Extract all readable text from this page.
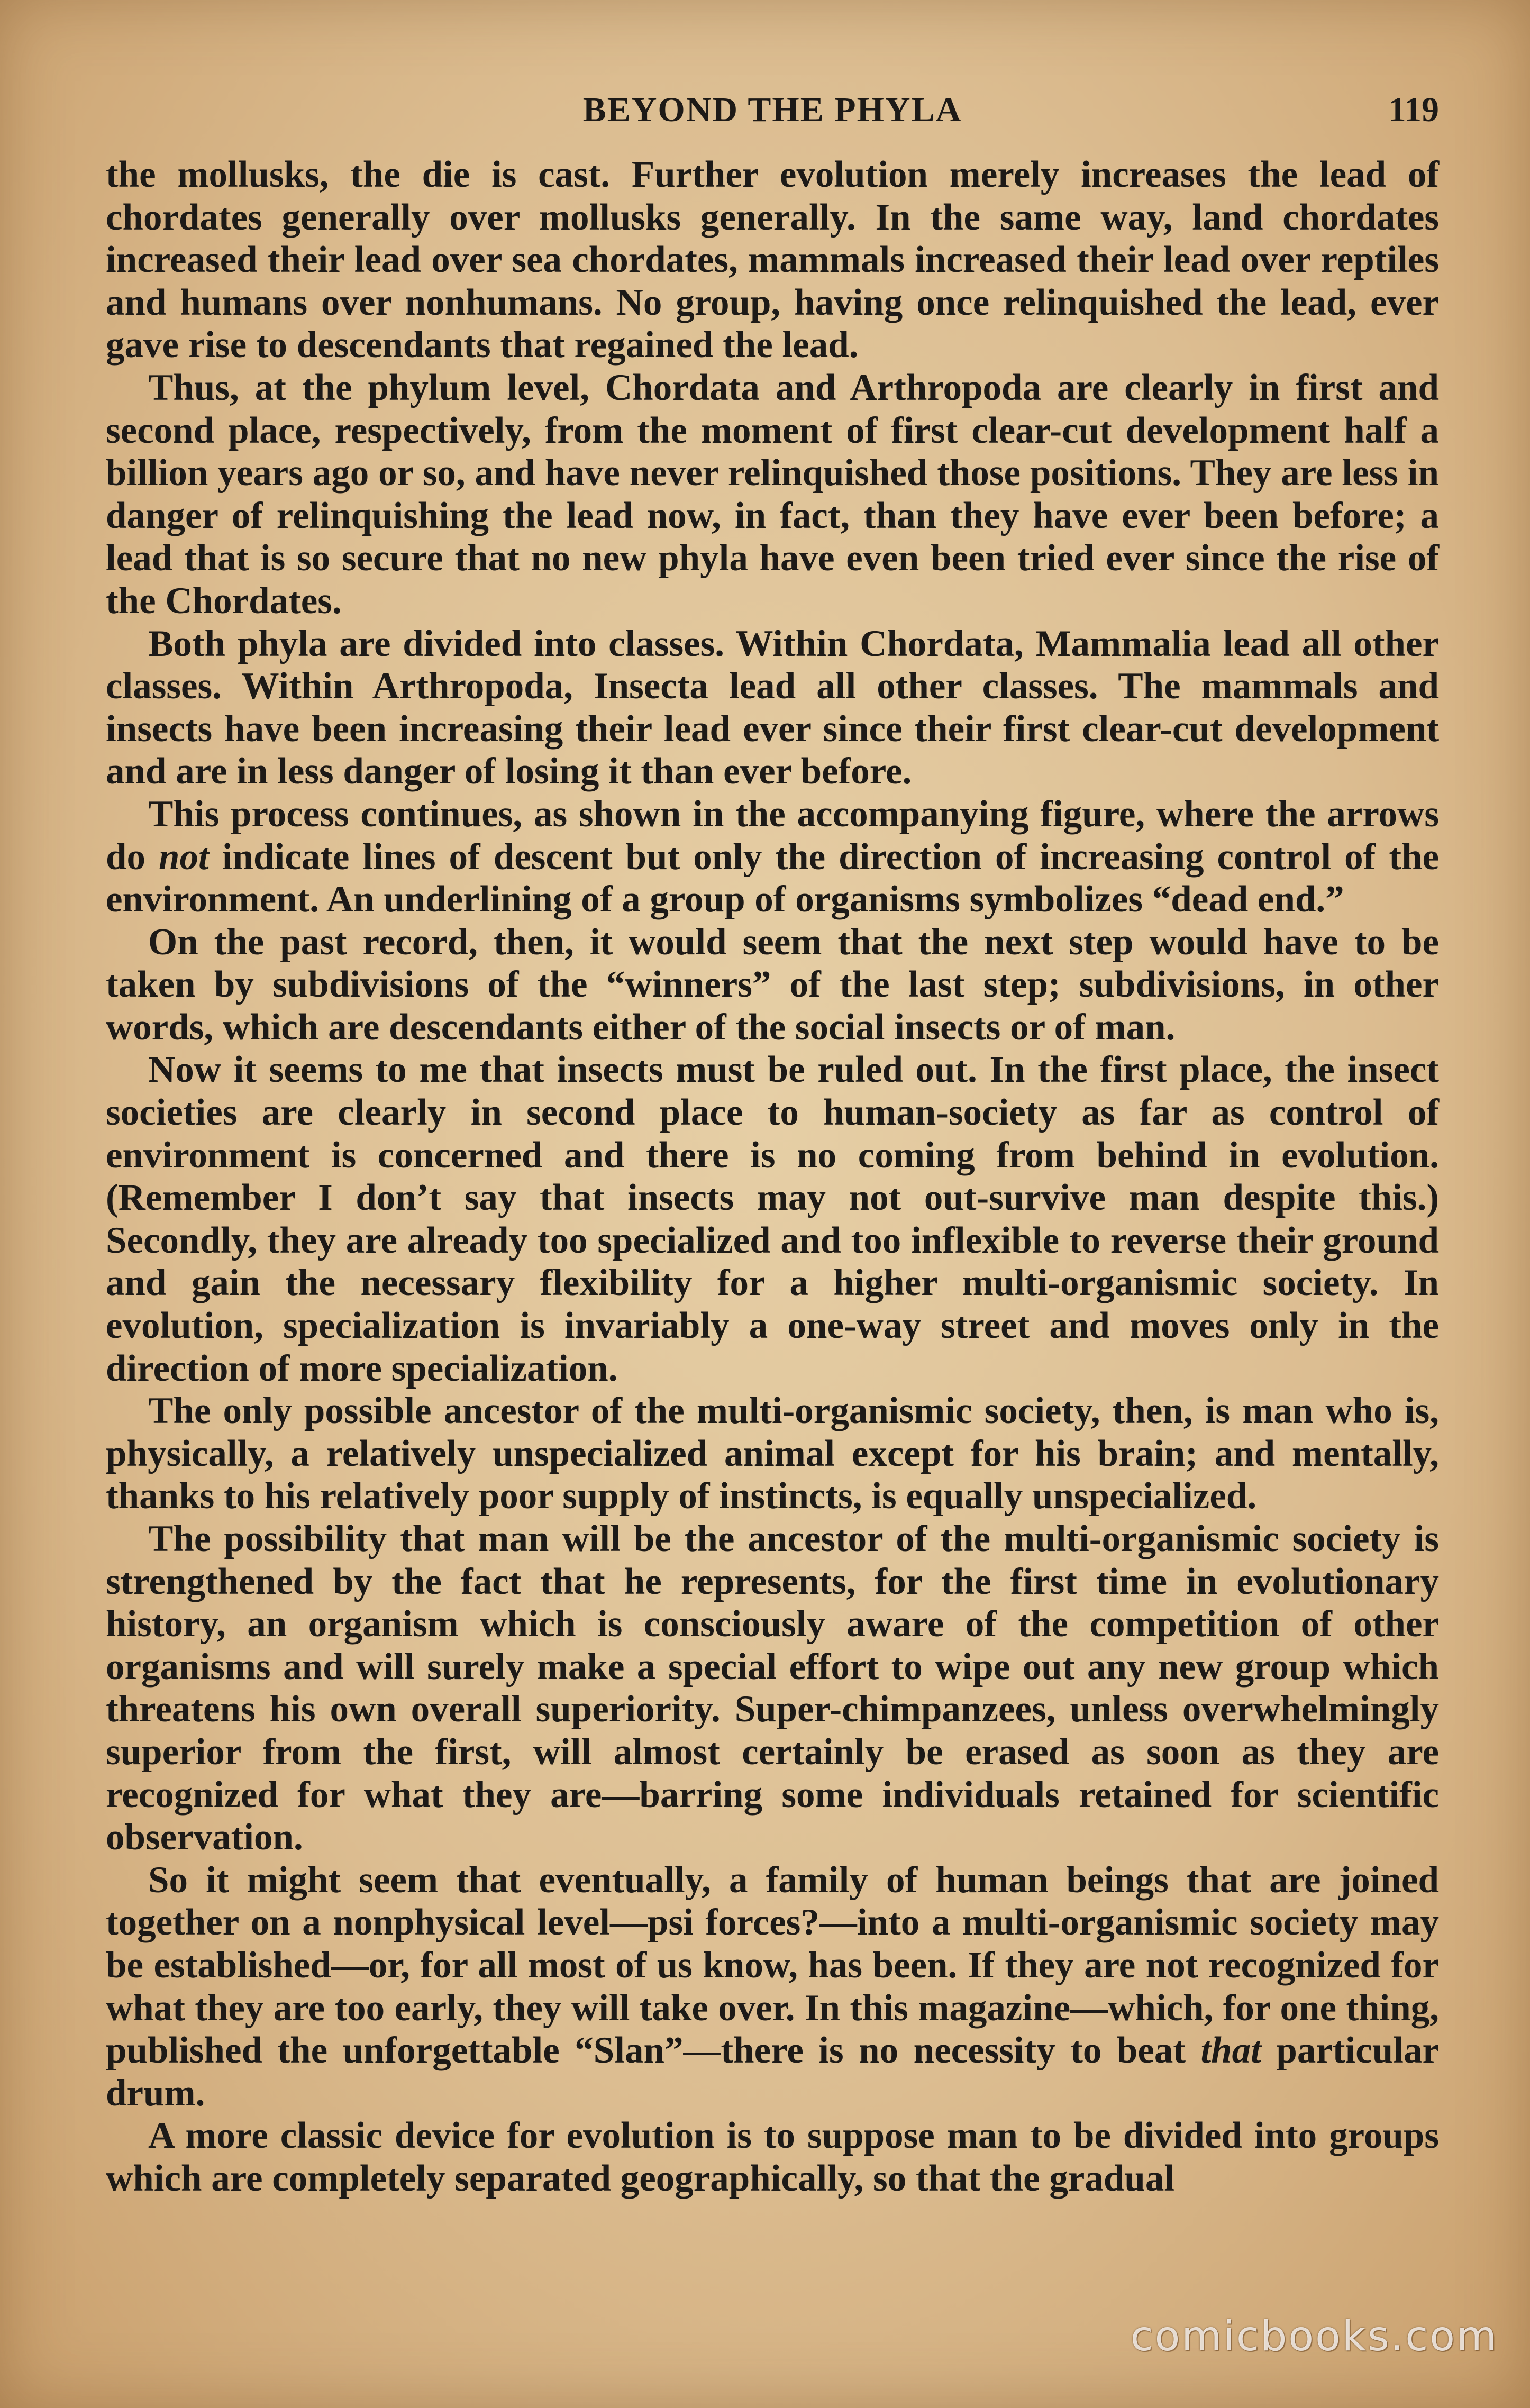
BEYOND THE PHYLA	119

the mollusks, the die is cast. Further evolution merely increases the lead of chordates generally over mollusks generally. In the same way, land chordates increased their lead over sea chordates, mammals increased their lead over reptiles and humans over nonhumans. No group, having once relinquished the lead, ever gave rise to descendants that regained the lead.

Thus, at the phylum level, Chordata and Arthropoda are clearly in first and second place, respectively, from the moment of first clear-cut development half a billion years ago or so, and have never relinquished those positions. They are less in danger of relinquishing the lead now, in fact, than they have ever been before; a lead that is so secure that no new phyla have even been tried ever since the rise of the Chordates.

Both phyla are divided into classes. Within Chordata, Mammalia lead all other classes. Within Arthropoda, Insecta lead all other classes. The mammals and insects have been increasing their lead ever since their first clear-cut development and are in less danger of losing it than ever before.

This process continues, as shown in the accompanying figure, where the arrows do not indicate lines of descent but only the direction of increasing control of the environment. An underlining of a group of organisms symbolizes “dead end.”

On the past record, then, it would seem that the next step would have to be taken by subdivisions of the “winners” of the last step; subdivisions, in other words, which are descendants either of the social insects or of man.

Now it seems to me that insects must be ruled out. In the first place, the insect societies are clearly in second place to human-society as far as control of environment is concerned and there is no coming from behind in evolution. (Remember I don’t say that insects may not out-survive man despite this.) Secondly, they are already too specialized and too inflexible to reverse their ground and gain the necessary flexibility for a higher multi-organismic society. In evolution, specialization is invariably a one-way street and moves only in the direction of more specialization.

The only possible ancestor of the multi-organismic society, then, is man who is, physically, a relatively unspecialized animal except for his brain; and mentally, thanks to his relatively poor supply of instincts, is equally unspecialized.

The possibility that man will be the ancestor of the multi-organismic society is strengthened by the fact that he represents, for the first time in evolutionary history, an organism which is consciously aware of the competition of other organisms and will surely make a special effort to wipe out any new group which threatens his own overall superiority. Super-chimpanzees, unless overwhelmingly superior from the first, will almost certainly be erased as soon as they are recognized for what they are—barring some individuals retained for scientific observation.

So it might seem that eventually, a family of human beings that are joined together on a nonphysical level—psi forces?—into a multi-organismic society may be established—or, for all most of us know, has been. If they are not recognized for what they are too early, they will take over. In this magazine—which, for one thing, published the unforgettable “Slan”—there is no necessity to beat that particular drum.

A more classic device for evolution is to suppose man to be divided into groups which are completely separated geographically, so that the gradual

comicbooks.com
